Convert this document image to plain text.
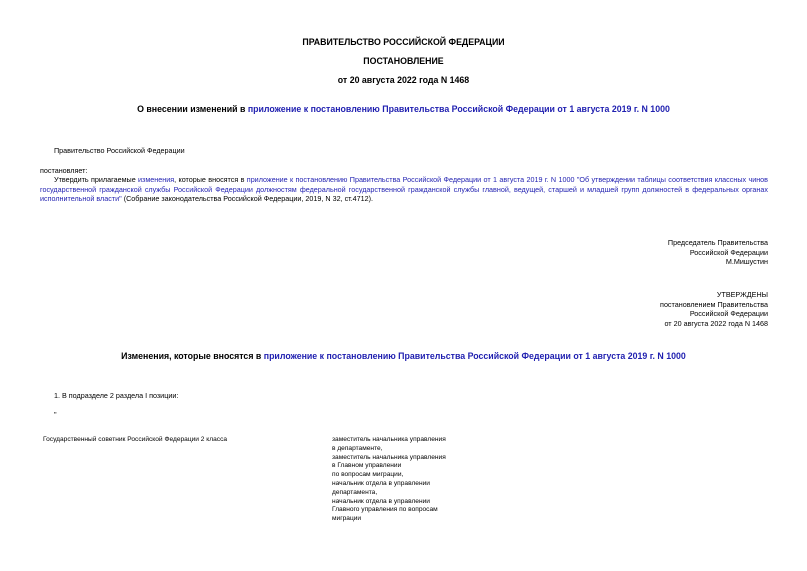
ПРАВИТЕЛЬСТВО РОССИЙСКОЙ ФЕДЕРАЦИИ
ПОСТАНОВЛЕНИЕ
от 20 августа 2022 года N 1468
О внесении изменений в приложение к постановлению Правительства Российской Федерации от 1 августа 2019 г. N 1000
Правительство Российской Федерации
постановляет:
Утвердить прилагаемые изменения, которые вносятся в приложение к постановлению Правительства Российской Федерации от 1 августа 2019 г. N 1000 "Об утверждении таблицы соответствия классных чинов государственной гражданской службы Российской Федерации должностям федеральной государственной гражданской службы главной, ведущей, старшей и младшей групп должностей в федеральных органах исполнительной власти" (Собрание законодательства Российской Федерации, 2019, N 32, ст.4712).
Председатель Правительства
Российской Федерации
М.Мишустин
УТВЕРЖДЕНЫ
постановлением Правительства
Российской Федерации
от 20 августа 2022 года N 1468
Изменения, которые вносятся в приложение к постановлению Правительства Российской Федерации от 1 августа 2019 г. N 1000
1. В подразделе 2 раздела I позиции:
"
Государственный советник Российской Федерации 2 класса	заместитель начальника управления
в департаменте,
заместитель начальника управления
в Главном управлении
по вопросам миграции,
начальник отдела в управлении
департамента,
начальник отдела в управлении
Главного управления по вопросам
миграции
